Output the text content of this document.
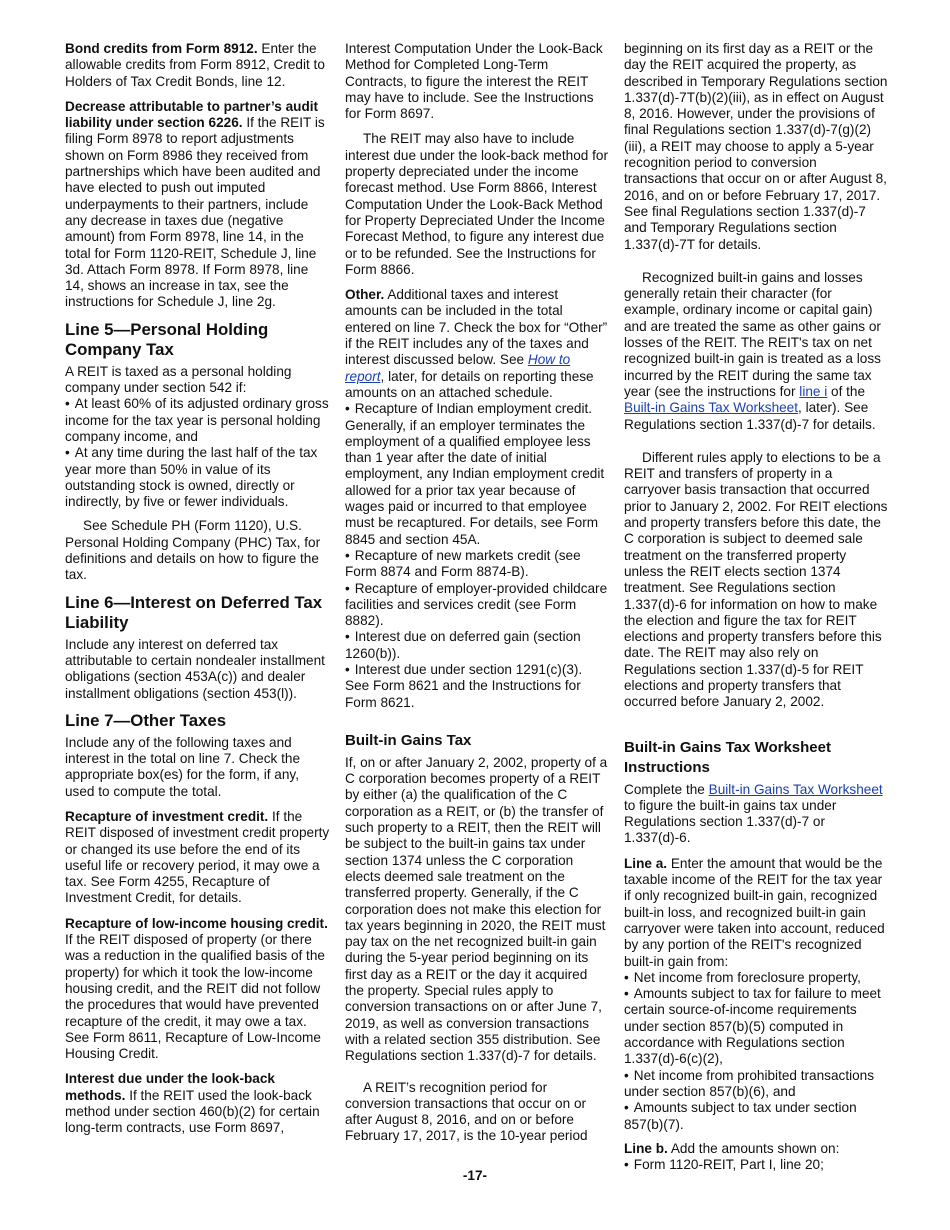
Bond credits from Form 8912. Enter the allowable credits from Form 8912, Credit to Holders of Tax Credit Bonds, line 12.

Decrease attributable to partner’s audit liability under section 6226. If the REIT is filing Form 8978 to report adjustments shown on Form 8986 they received from partnerships which have been audited and have elected to push out imputed underpayments to their partners, include any decrease in taxes due (negative amount) from Form 8978, line 14, in the total for Form 1120-REIT, Schedule J, line 3d. Attach Form 8978. If Form 8978, line 14, shows an increase in tax, see the instructions for Schedule J, line 2g.

Line 5—Personal Holding Company Tax

A REIT is taxed as a personal holding company under section 542 if:

• At least 60% of its adjusted ordinary gross income for the tax year is personal holding company income, and

• At any time during the last half of the tax year more than 50% in value of its outstanding stock is owned, directly or indirectly, by five or fewer individuals.

See Schedule PH (Form 1120), U.S. Personal Holding Company (PHC) Tax, for definitions and details on how to figure the tax.

Line 6—Interest on Deferred Tax Liability

Include any interest on deferred tax attributable to certain nondealer installment obligations (section 453A(c)) and dealer installment obligations (section 453(l)).

Line 7—Other Taxes

Include any of the following taxes and interest in the total on line 7. Check the appropriate box(es) for the form, if any, used to compute the total.

Recapture of investment credit. If the REIT disposed of investment credit property or changed its use before the end of its useful life or recovery period, it may owe a tax. See Form 4255, Recapture of Investment Credit, for details.

Recapture of low-income housing credit. If the REIT disposed of property (or there was a reduction in the qualified basis of the property) for which it took the low-income housing credit, and the REIT did not follow the procedures that would have prevented recapture of the credit, it may owe a tax. See Form 8611, Recapture of Low-Income Housing Credit.

Interest due under the look-back methods. If the REIT used the look-back method under section 460(b)(2) for certain long-term contracts, use Form 8697,

Interest Computation Under the Look-Back Method for Completed Long-Term Contracts, to figure the interest the REIT may have to include. See the Instructions for Form 8697.

The REIT may also have to include interest due under the look-back method for property depreciated under the income forecast method. Use Form 8866, Interest Computation Under the Look-Back Method for Property Depreciated Under the Income Forecast Method, to figure any interest due or to be refunded. See the Instructions for Form 8866.

Other. Additional taxes and interest amounts can be included in the total entered on line 7. Check the box for “Other” if the REIT includes any of the taxes and interest discussed below. See How to report, later, for details on reporting these amounts on an attached schedule.

• Recapture of Indian employment credit. Generally, if an employer terminates the employment of a qualified employee less than 1 year after the date of initial employment, any Indian employment credit allowed for a prior tax year because of wages paid or incurred to that employee must be recaptured. For details, see Form 8845 and section 45A.

• Recapture of new markets credit (see Form 8874 and Form 8874-B).

• Recapture of employer-provided childcare facilities and services credit (see Form 8882).

• Interest due on deferred gain (section 1260(b)).

• Interest due under section 1291(c)(3). See Form 8621 and the Instructions for Form 8621.

Built-in Gains Tax

If, on or after January 2, 2002, property of a C corporation becomes property of a REIT by either (a) the qualification of the C corporation as a REIT, or (b) the transfer of such property to a REIT, then the REIT will be subject to the built-in gains tax under section 1374 unless the C corporation elects deemed sale treatment on the transferred property. Generally, if the C corporation does not make this election for tax years beginning in 2020, the REIT must pay tax on the net recognized built-in gain during the 5-year period beginning on its first day as a REIT or the day it acquired the property. Special rules apply to conversion transactions on or after June 7, 2019, as well as conversion transactions with a related section 355 distribution. See Regulations section 1.337(d)-7 for details.

A REIT’s recognition period for conversion transactions that occur on or after August 8, 2016, and on or before February 17, 2017, is the 10-year period

beginning on its first day as a REIT or the day the REIT acquired the property, as described in Temporary Regulations section 1.337(d)-7T(b)(2)(iii), as in effect on August 8, 2016. However, under the provisions of final Regulations section 1.337(d)-7(g)(2)(iii), a REIT may choose to apply a 5-year recognition period to conversion transactions that occur on or after August 8, 2016, and on or before February 17, 2017. See final Regulations section 1.337(d)-7 and Temporary Regulations section 1.337(d)-7T for details.

Recognized built-in gains and losses generally retain their character (for example, ordinary income or capital gain) and are treated the same as other gains or losses of the REIT. The REIT's tax on net recognized built-in gain is treated as a loss incurred by the REIT during the same tax year (see the instructions for line i of the Built-in Gains Tax Worksheet, later). See Regulations section 1.337(d)-7 for details.

Different rules apply to elections to be a REIT and transfers of property in a carryover basis transaction that occurred prior to January 2, 2002. For REIT elections and property transfers before this date, the C corporation is subject to deemed sale treatment on the transferred property unless the REIT elects section 1374 treatment. See Regulations section 1.337(d)-6 for information on how to make the election and figure the tax for REIT elections and property transfers before this date. The REIT may also rely on Regulations section 1.337(d)-5 for REIT elections and property transfers that occurred before January 2, 2002.

Built-in Gains Tax Worksheet Instructions

Complete the Built-in Gains Tax Worksheet to figure the built-in gains tax under Regulations section 1.337(d)-7 or 1.337(d)-6.

Line a. Enter the amount that would be the taxable income of the REIT for the tax year if only recognized built-in gain, recognized built-in loss, and recognized built-in gain carryover were taken into account, reduced by any portion of the REIT's recognized built-in gain from:

• Net income from foreclosure property,

• Amounts subject to tax for failure to meet certain source-of-income requirements under section 857(b)(5) computed in accordance with Regulations section 1.337(d)-6(c)(2),

• Net income from prohibited transactions under section 857(b)(6), and

• Amounts subject to tax under section 857(b)(7).

Line b. Add the amounts shown on:

• Form 1120-REIT, Part I, line 20;

-17-
